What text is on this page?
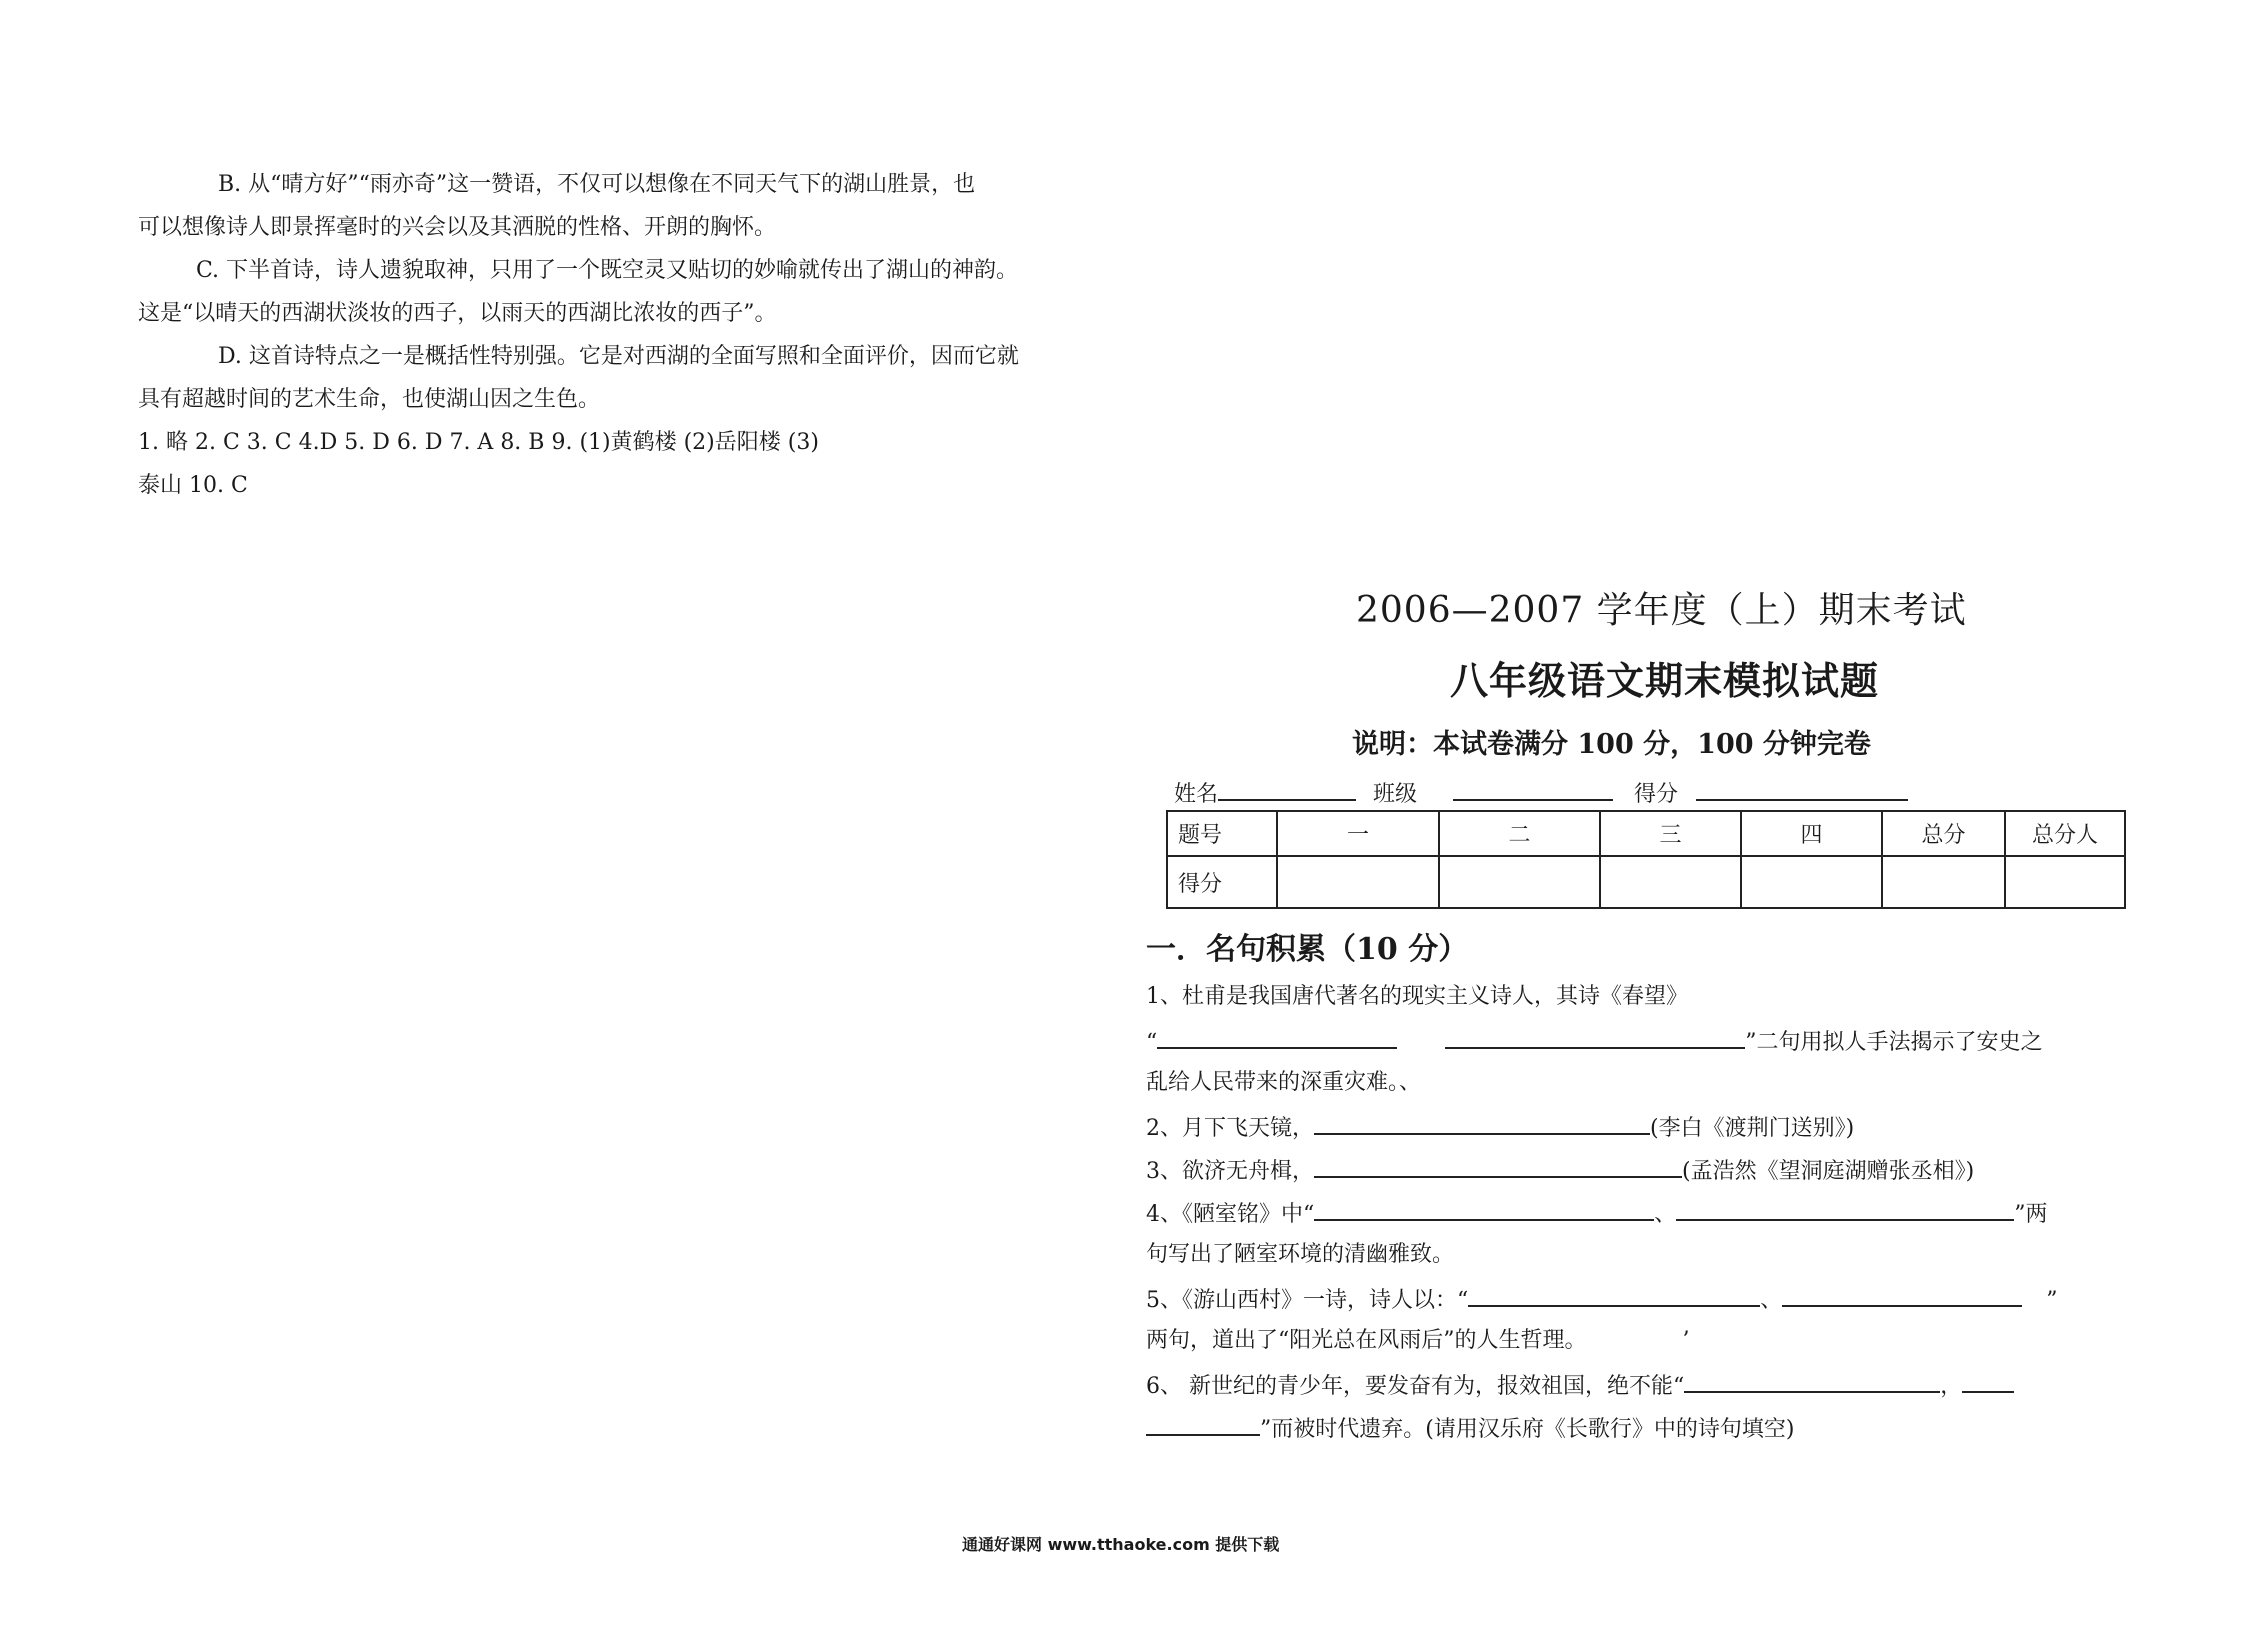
B. 从“晴方好”“雨亦奇”这一赞语，不仅可以想像在不同天气下的湖山胜景，也
可以想像诗人即景挥毫时的兴会以及其洒脱的性格、开朗的胸怀。
C. 下半首诗，诗人遗貌取神，只用了一个既空灵又贴切的妙喻就传出了湖山的神韵。
这是“以晴天的西湖状淡妆的西子，以雨天的西湖比浓妆的西子”。
D. 这首诗特点之一是概括性特别强。它是对西湖的全面写照和全面评价，因而它就
具有超越时间的艺术生命，也使湖山因之生色。
1. 略 2. C 3. C 4.D 5. D 6. D 7. A 8. B 9. (1)黄鹤楼 (2)岳阳楼 (3)
泰山 10. C
2006—2007 学年度（上）期末考试
八年级语文期末模拟试题
说明：本试卷满分 100 分，100 分钟完卷
姓名	班级	得分
题号	一	二	三	四	总分	总分人
得分						
一．名句积累（10 分）
1、杜甫是我国唐代著名的现实主义诗人，其诗《春望》
“	”二句用拟人手法揭示了安史之
乱给人民带来的深重灾难。、
2、月下飞天镜，	(李白《渡荆门送别》)
3、欲济无舟楫，	(孟浩然《望洞庭湖赠张丞相》)
4、《陋室铭》中“	、	”两
句写出了陋室环境的清幽雅致。
5、《游山西村》一诗，诗人以：“	、	”
两句，道出了“阳光总在风雨后”的人生哲理。	’
6、 新世纪的青少年，要发奋有为，报效祖国，绝不能“	，
”而被时代遗弃。(请用汉乐府《长歌行》中的诗句填空)
通通好课网 www.tthaoke.com 提供下载
